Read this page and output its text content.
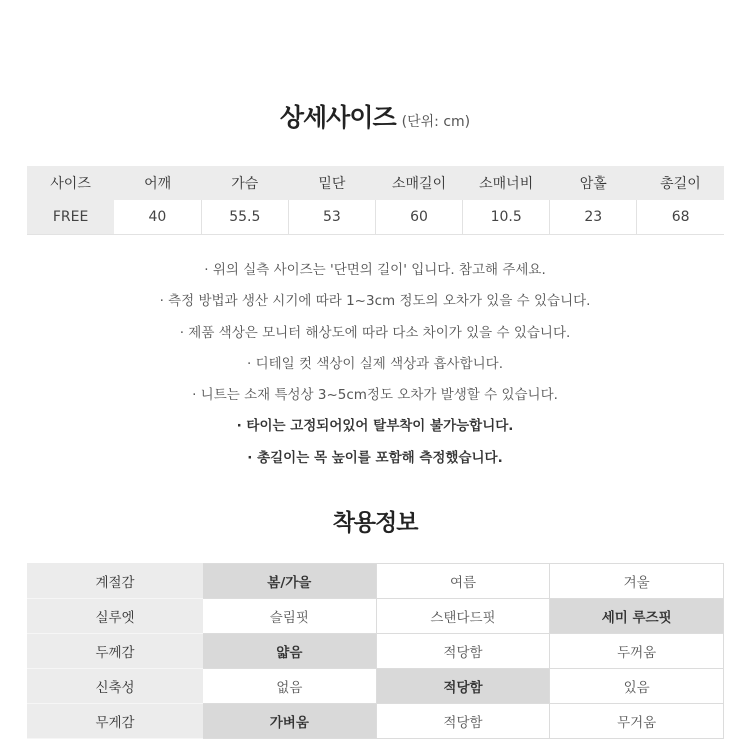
상세사이즈 (단위: cm)
사이즈	어깨	가슴	밑단	소매길이	소매너비	암홀	총길이
FREE	40	55.5	53	60	10.5	23	68
· 위의 실측 사이즈는 '단면의 길이' 입니다. 참고해 주세요.
· 측정 방법과 생산 시기에 따라 1~3cm 정도의 오차가 있을 수 있습니다.
· 제품 색상은 모니터 해상도에 따라 다소 차이가 있을 수 있습니다.
· 디테일 컷 색상이 실제 색상과 흡사합니다.
· 니트는 소재 특성상 3~5cm정도 오차가 발생할 수 있습니다.
· 타이는 고정되어있어 탈부착이 불가능합니다.
· 총길이는 목 높이를 포함해 측정했습니다.
착용정보
계절감	봄/가을	여름	겨울
실루엣	슬림핏	스탠다드핏	세미 루즈핏
두께감	얇음	적당함	두꺼움
신축성	없음	적당함	있음
무게감	가벼움	적당함	무거움
